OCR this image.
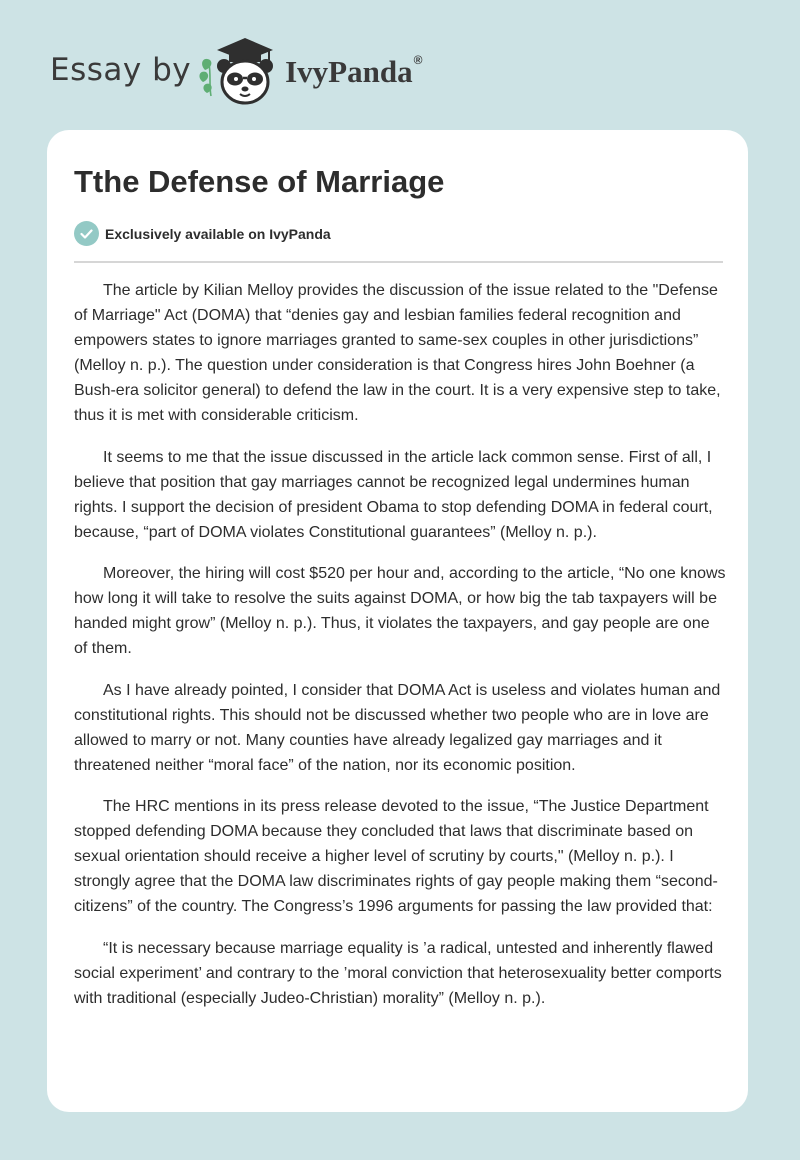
Essay by	IvyPanda ®
Tthe Defense of Marriage
Exclusively available on IvyPanda

The article by Kilian Melloy provides the discussion of the issue related to the "Defense of Marriage" Act (DOMA) that “denies gay and lesbian families federal recognition and empowers states to ignore marriages granted to same-sex couples in other jurisdictions” (Melloy n. p.). The question under consideration is that Congress hires John Boehner (a Bush-era solicitor general) to defend the law in the court. It is a very expensive step to take, thus it is met with considerable criticism.

It seems to me that the issue discussed in the article lack common sense. First of all, I believe that position that gay marriages cannot be recognized legal undermines human rights. I support the decision of president Obama to stop defending DOMA in federal court, because, “part of DOMA violates Constitutional guarantees” (Melloy n. p.).

Moreover, the hiring will cost $520 per hour and, according to the article, “No one knows how long it will take to resolve the suits against DOMA, or how big the tab taxpayers will be handed might grow” (Melloy n. p.). Thus, it violates the taxpayers, and gay people are one of them.

As I have already pointed, I consider that DOMA Act is useless and violates human and constitutional rights. This should not be discussed whether two people who are in love are allowed to marry or not. Many counties have already legalized gay marriages and it threatened neither “moral face” of the nation, nor its economic position.

The HRC mentions in its press release devoted to the issue, “The Justice Department stopped defending DOMA because they concluded that laws that discriminate based on sexual orientation should receive a higher level of scrutiny by courts," (Melloy n. p.). I strongly agree that the DOMA law discriminates rights of gay people making them “second-citizens” of the country. The Congress’s 1996 arguments for passing the law provided that:

“It is necessary because marriage equality is ’a radical, untested and inherently flawed social experiment’ and contrary to the ’moral conviction that heterosexuality better comports with traditional (especially Judeo-Christian) morality” (Melloy n. p.).
